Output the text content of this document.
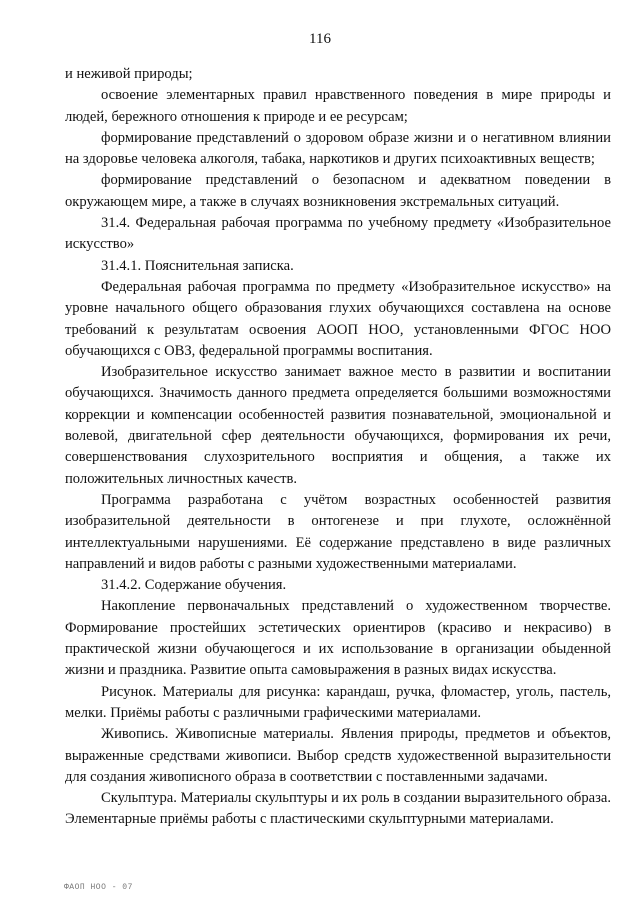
116

и неживой природы;

освоение элементарных правил нравственного поведения в мире природы и людей, бережного отношения к природе и ее ресурсам;

формирование представлений о здоровом образе жизни и о негативном влиянии на здоровье человека алкоголя, табака, наркотиков и других психоактивных веществ;

формирование представлений о безопасном и адекватном поведении в окружающем мире, а также в случаях возникновения экстремальных ситуаций.

31.4. Федеральная рабочая программа по учебному предмету «Изобразительное искусство»

31.4.1. Пояснительная записка.

Федеральная рабочая программа по предмету «Изобразительное искусство» на уровне начального общего образования глухих обучающихся составлена на основе требований к результатам освоения АООП НОО, установленными ФГОС НОО обучающихся с ОВЗ, федеральной программы воспитания.

Изобразительное искусство занимает важное место в развитии и воспитании обучающихся. Значимость данного предмета определяется большими возможностями коррекции и компенсации особенностей развития познавательной, эмоциональной и волевой, двигательной сфер деятельности обучающихся, формирования их речи, совершенствования слухозрительного восприятия и общения, а также их положительных личностных качеств.

Программа разработана с учётом возрастных особенностей развития изобразительной деятельности в онтогенезе и при глухоте, осложнённой интеллектуальными нарушениями. Её содержание представлено в виде различных направлений и видов работы с разными художественными материалами.

31.4.2. Содержание обучения.

Накопление первоначальных представлений о художественном творчестве. Формирование простейших эстетических ориентиров (красиво и некрасиво) в практической жизни обучающегося и их использование в организации обыденной жизни и праздника. Развитие опыта самовыражения в разных видах искусства.

Рисунок. Материалы для рисунка: карандаш, ручка, фломастер, уголь, пастель, мелки. Приёмы работы с различными графическими материалами.

Живопись. Живописные материалы. Явления природы, предметов и объектов, выраженные средствами живописи. Выбор средств художественной выразительности для создания живописного образа в соответствии с поставленными задачами.

Скульптура. Материалы скульптуры и их роль в создании выразительного образа. Элементарные приёмы работы с пластическими скульптурными материалами.

ФАОП НОО - 07
